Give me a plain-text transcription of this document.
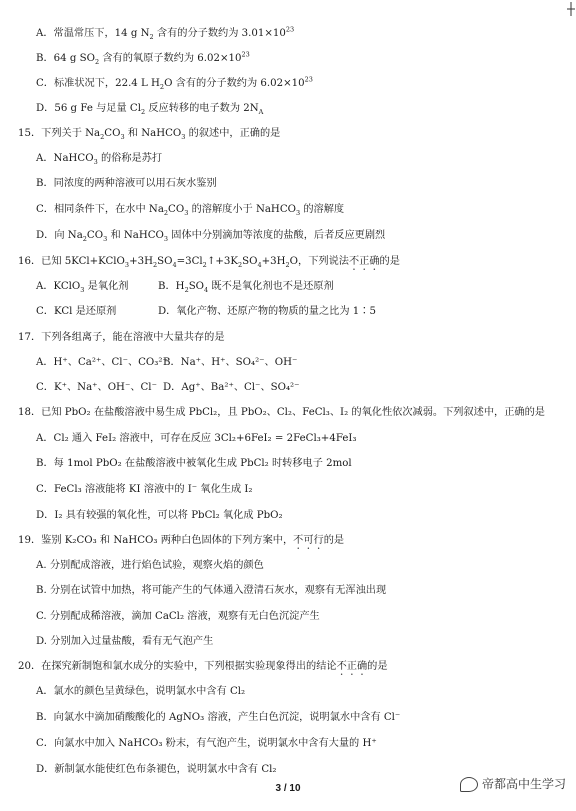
A．常温常压下，14 g $N_2$ 含有的分子数约为 $3.01\times 10^{23}$
B．64 g $SO_2$ 含有的氧原子数约为 $6.02\times 10^{23}$
C．标准状况下，22.4 L $H_2O$ 含有的分子数约为 $6.02\times 10^{23}$
D．56 g Fe 与足量 $Cl_2$ 反应转移的电子数为 $2N_A$
15．下列关于 $Na_2CO_3$ 和 NaHCO$_3$ 的叙述中，正确的是
A．NaHCO$_3$ 的俗称是苏打
B．同浓度的两种溶液可以用石灰水鉴别
C．相同条件下，在水中 $Na_2CO_3$ 的溶解度小于 NaHCO$_3$ 的溶解度
D．向 $Na_2CO_3$ 和 NaHCO$_3$ 固体中分别滴加等浓度的盐酸，后者反应更剧烈
16．已知 $5KCl+KClO_3+3H_2SO_4=3Cl_2↑+3K_2SO_4+3H_2O$，下列说法不正确的是
A．KClO$_3$ 是氧化剂	B．$H_2SO_4$ 既不是氧化剂也不是还原剂
C．KCl 是还原剂	D．氧化产物、还原产物的物质的量之比为 1∶5
17．下列各组离子，能在溶液中大量共存的是
A．H⁺、Ca²⁺、Cl⁻、CO₃²⁻
B．Na⁺、H⁺、SO₄²⁻、OH⁻
C．K⁺、Na⁺、OH⁻、Cl⁻ D．Ag⁺、Ba²⁺、Cl⁻、SO₄²⁻
18．已知 PbO₂ 在盐酸溶液中易生成 PbCl₂，且 PbO₂、Cl₂、FeCl₃、I₂ 的氧化性依次减弱。下列叙述中，正确的是
A．Cl₂ 通入 FeI₂ 溶液中，可存在反应 3Cl₂+6FeI₂ = 2FeCl₃+4FeI₃
B．每 1mol PbO₂ 在盐酸溶液中被氧化生成 PbCl₂ 时转移电子 2mol
C．FeCl₃ 溶液能将 KI 溶液中的 I⁻ 氧化生成 I₂
D．I₂ 具有较强的氧化性，可以将 PbCl₂ 氧化成 PbO₂
19．鉴别 K₂CO₃ 和 NaHCO₃ 两种白色固体的下列方案中，不可行的是
A. 分别配成溶液，进行焰色试验，观察火焰的颜色
B. 分别在试管中加热，将可能产生的气体通入澄清石灰水，观察有无浑浊出现
C. 分别配成稀溶液，滴加 CaCl₂ 溶液，观察有无白色沉淀产生
D. 分别加入过量盐酸，看有无气泡产生
20．在探究新制饱和氯水成分的实验中，下列根据实验现象得出的结论不正确的是
A．氯水的颜色呈黄绿色，说明氯水中含有 Cl₂
B．向氯水中滴加硝酸酸化的 AgNO₃ 溶液，产生白色沉淀，说明氯水中含有 Cl⁻
C．向氯水中加入 NaHCO₃ 粉末，有气泡产生，说明氯水中含有大量的 H⁺
D．新制氯水能使红色布条褪色，说明氯水中含有 Cl₂
3 / 10	帝都高中生学习
